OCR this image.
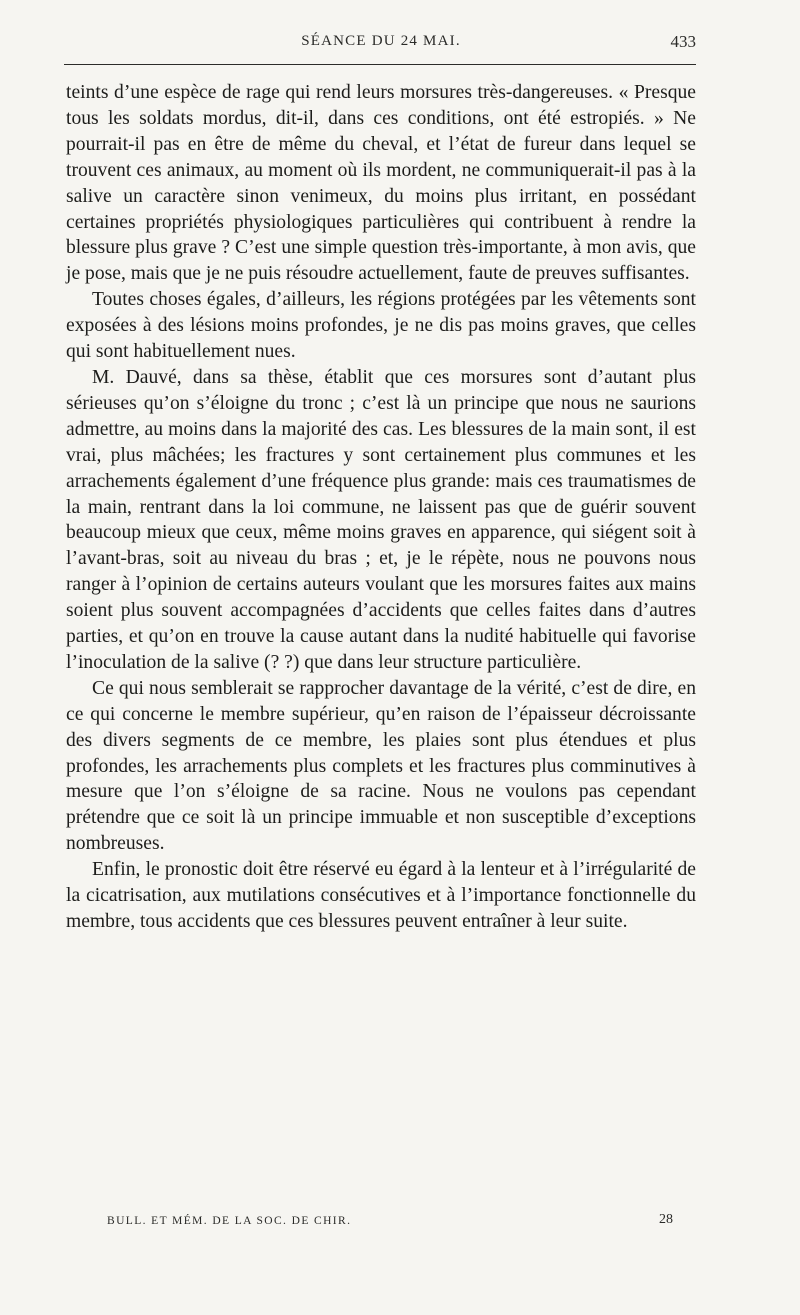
SÉANCE DU 24 MAI.	433

teints d’une espèce de rage qui rend leurs morsures très-dangereuses. « Presque tous les soldats mordus, dit-il, dans ces conditions, ont été estropiés. » Ne pourrait-il pas en être de même du cheval, et l’état de fureur dans lequel se trouvent ces animaux, au moment où ils mordent, ne communiquerait-il pas à la salive un caractère sinon venimeux, du moins plus irritant, en possédant certaines propriétés physiologiques particulières qui contribuent à rendre la blessure plus grave ? C’est une simple question très-importante, à mon avis, que je pose, mais que je ne puis résoudre actuellement, faute de preuves suffisantes.

Toutes choses égales, d’ailleurs, les régions protégées par les vêtements sont exposées à des lésions moins profondes, je ne dis pas moins graves, que celles qui sont habituellement nues.

M. Dauvé, dans sa thèse, établit que ces morsures sont d’autant plus sérieuses qu’on s’éloigne du tronc ; c’est là un principe que nous ne saurions admettre, au moins dans la majorité des cas. Les blessures de la main sont, il est vrai, plus mâchées; les fractures y sont certainement plus communes et les arrachements également d’une fréquence plus grande: mais ces traumatismes de la main, rentrant dans la loi commune, ne laissent pas que de guérir souvent beaucoup mieux que ceux, même moins graves en apparence, qui siégent soit à l’avant-bras, soit au niveau du bras ; et, je le répète, nous ne pouvons nous ranger à l’opinion de certains auteurs voulant que les morsures faites aux mains soient plus souvent accompagnées d’accidents que celles faites dans d’autres parties, et qu’on en trouve la cause autant dans la nudité habituelle qui favorise l’inoculation de la salive (? ?) que dans leur structure particulière.

Ce qui nous semblerait se rapprocher davantage de la vérité, c’est de dire, en ce qui concerne le membre supérieur, qu’en raison de l’épaisseur décroissante des divers segments de ce membre, les plaies sont plus étendues et plus profondes, les arrachements plus complets et les fractures plus comminutives à mesure que l’on s’éloigne de sa racine. Nous ne voulons pas cependant prétendre que ce soit là un principe immuable et non susceptible d’exceptions nombreuses.

Enfin, le pronostic doit être réservé eu égard à la lenteur et à l’irrégularité de la cicatrisation, aux mutilations consécutives et à l’importance fonctionnelle du membre, tous accidents que ces blessures peuvent entraîner à leur suite.

BULL. ET MÉM. DE LA SOC. DE CHIR.	28
